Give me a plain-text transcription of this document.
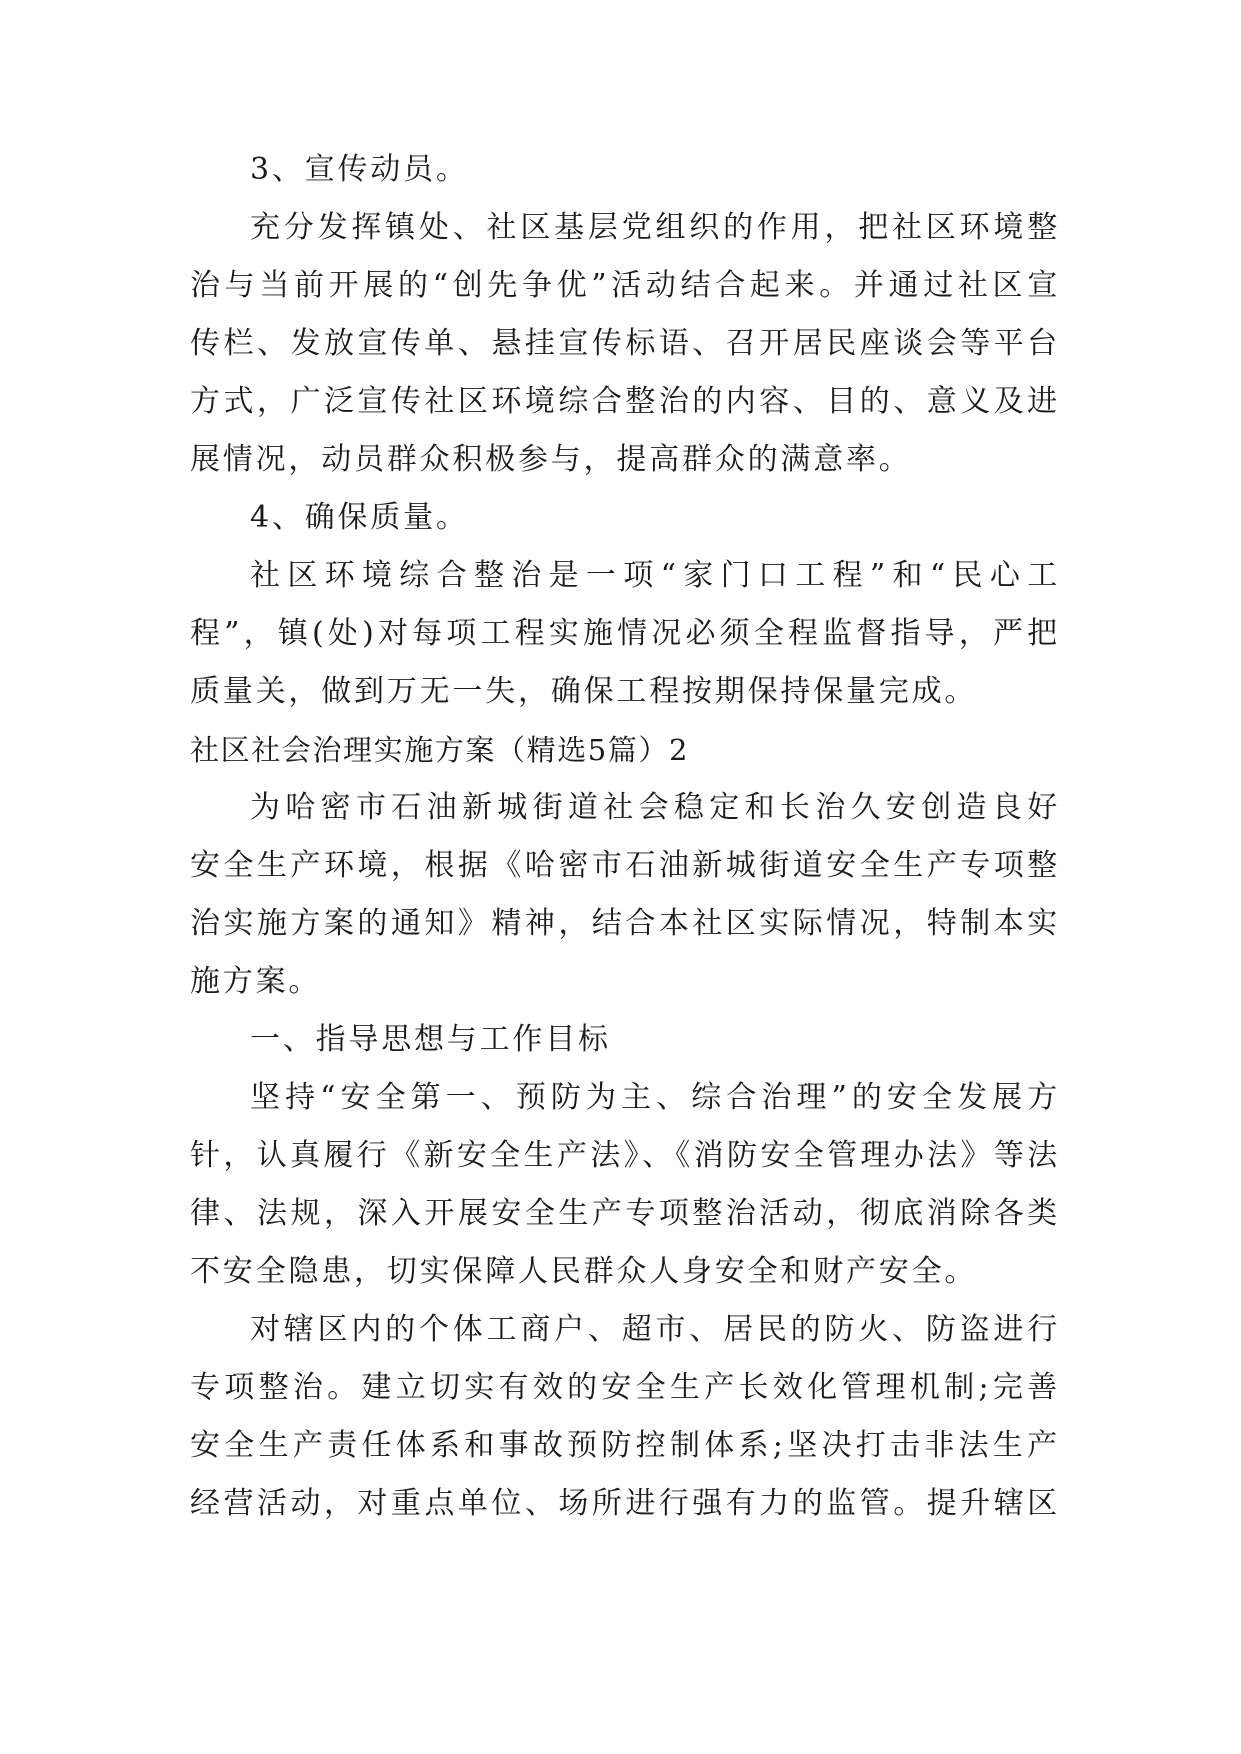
3、宣传动员。
充分发挥镇处、社区基层党组织的作用，把社区环境整
治与当前开展的“创先争优”活动结合起来。并通过社区宣
传栏、发放宣传单、悬挂宣传标语、召开居民座谈会等平台
方式，广泛宣传社区环境综合整治的内容、目的、意义及进
展情况，动员群众积极参与，提高群众的满意率。
4、确保质量。
社区环境综合整治是一项“家门口工程”和“民心工
程”，镇(处)对每项工程实施情况必须全程监督指导，严把
质量关，做到万无一失，确保工程按期保持保量完成。
社区社会治理实施方案（精选5篇）2
为哈密市石油新城街道社会稳定和长治久安创造良好
安全生产环境，根据《哈密市石油新城街道安全生产专项整
治实施方案的通知》精神，结合本社区实际情况，特制本实
施方案。
一、指导思想与工作目标
坚持“安全第一、预防为主、综合治理”的安全发展方
针，认真履行《新安全生产法》、《消防安全管理办法》等法
律、法规，深入开展安全生产专项整治活动，彻底消除各类
不安全隐患，切实保障人民群众人身安全和财产安全。
对辖区内的个体工商户、超市、居民的防火、防盗进行
专项整治。建立切实有效的安全生产长效化管理机制;完善
安全生产责任体系和事故预防控制体系;坚决打击非法生产
经营活动，对重点单位、场所进行强有力的监管。提升辖区
